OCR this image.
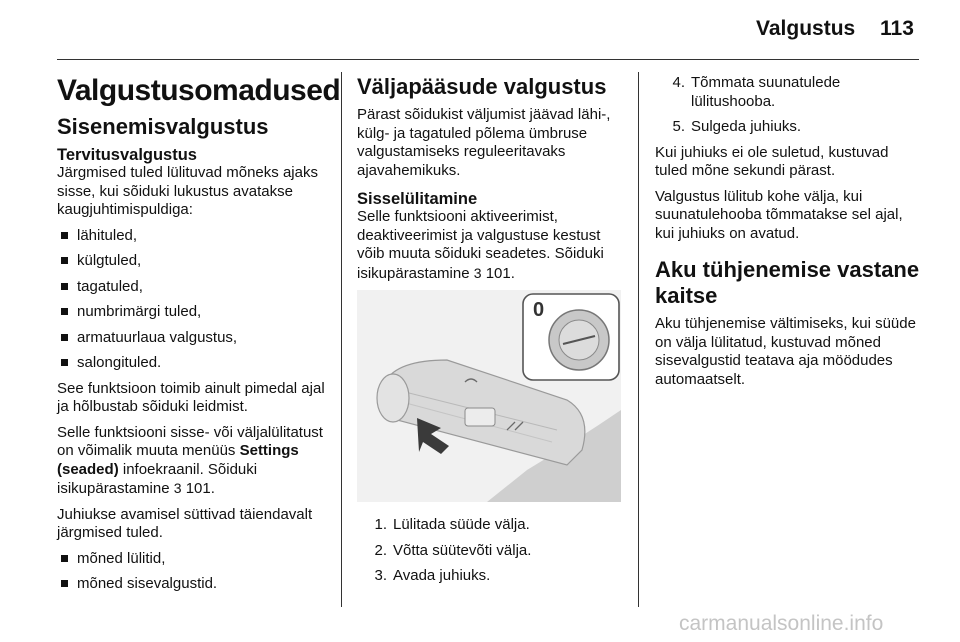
Valgustus 113
Valgustusomadused
Sisenemisvalgustus
Tervitusvalgustus

Järgmised tuled lülituvad mõneks ajaks sisse, kui sõiduki lukustus avatakse kaugjuhtimispuldiga:

lähituled,
külgtuled,
tagatuled,
numbrimärgi tuled,
armatuurlaua valgustus,
salongituled.

See funktsioon toimib ainult pimedal ajal ja hõlbustab sõiduki leidmist.

Selle funktsiooni sisse- või väljalülitatust on võimalik muuta menüüs Settings (seaded) infoekraanil. Sõiduki isikupärastamine 3 101.

Juhiukse avamisel süttivad täiendavalt järgmised tuled.

mõned lülitid,
mõned sisevalgustid.
Väljapääsude valgustus

Pärast sõidukist väljumist jäävad lähi-, külg- ja tagatuled põlema ümbruse valgustamiseks reguleeritavaks ajavahemikuks.

Sisselülitamine

Selle funktsiooni aktiveerimist, deaktiveerimist ja valgustuse kestust võib muuta sõiduki seadetes. Sõiduki isikupärastamine 3 101.

0
1. Lülitada süüde välja.
2. Võtta süütevõti välja.
3. Avada juhiuks.
4. Tõmmata suunatulede lülitushooba.
5. Sulgeda juhiuks.

Kui juhiuks ei ole suletud, kustuvad tuled mõne sekundi pärast.

Valgustus lülitub kohe välja, kui suunatulehooba tõmmatakse sel ajal, kui juhiuks on avatud.

Aku tühjenemise vastane kaitse

Aku tühjenemise vältimiseks, kui süüde on välja lülitatud, kustuvad mõned sisevalgustid teatava aja möödudes automaatselt.

carmanualsonline.info
